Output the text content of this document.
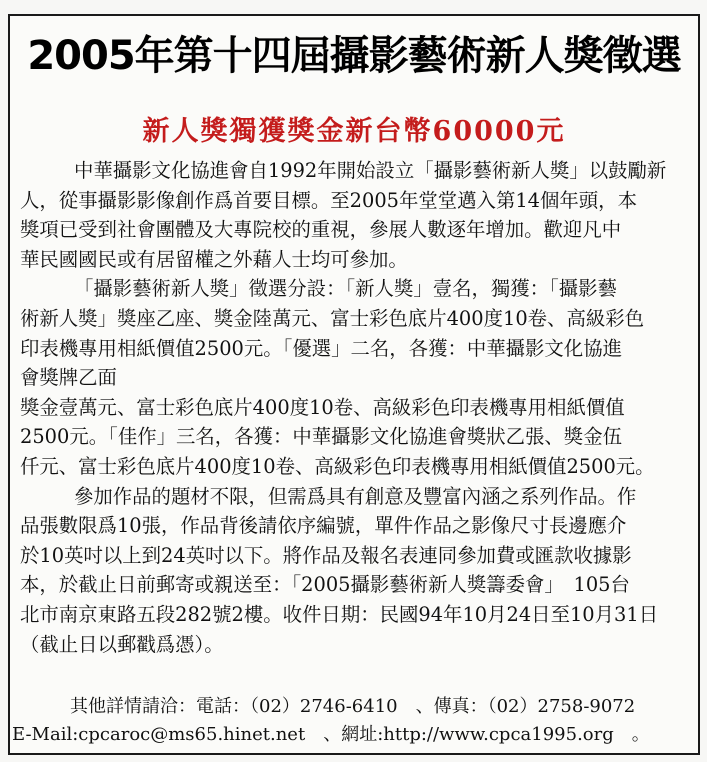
2005年第十四屆攝影藝術新人獎徵選
新人獎獨獲獎金新台幣60000元
中華攝影文化協進會自1992年開始設立「攝影藝術新人獎」以鼓勵新
人，從事攝影影像創作爲首要目標。至2005年堂堂邁入第14個年頭，本
獎項已受到社會團體及大專院校的重視，參展人數逐年增加。歡迎凡中
華民國國民或有居留權之外藉人士均可參加。
「攝影藝術新人獎」徵選分設：「新人獎」壹名，獨獲：「攝影藝
術新人獎」獎座乙座、獎金陸萬元、富士彩色底片400度10卷、高級彩色
印表機專用相紙價值2500元。「優選」二名，各獲：中華攝影文化協進
會獎牌乙面
獎金壹萬元、富士彩色底片400度10卷、高級彩色印表機專用相紙價值
2500元。「佳作」三名，各獲：中華攝影文化協進會獎狀乙張、獎金伍
仟元、富士彩色底片400度10卷、高級彩色印表機專用相紙價值2500元。
參加作品的題材不限，但需爲具有創意及豐富內涵之系列作品。作
品張數限爲10張，作品背後請依序編號，單件作品之影像尺寸長邊應介
於10英吋以上到24英吋以下。將作品及報名表連同參加費或匯款收據影
本，於截止日前郵寄或親送至：「2005攝影藝術新人獎籌委會」　105台
北市南京東路五段282號2樓。收件日期：民國94年10月24日至10月31日
（截止日以郵戳爲憑）。
其他詳情請洽：電話：（02）2746-6410　、傳真：（02）2758-9072
E-Mail:cpcaroc@ms65.hinet.net　、網址:http://www.cpca1995.org　。
